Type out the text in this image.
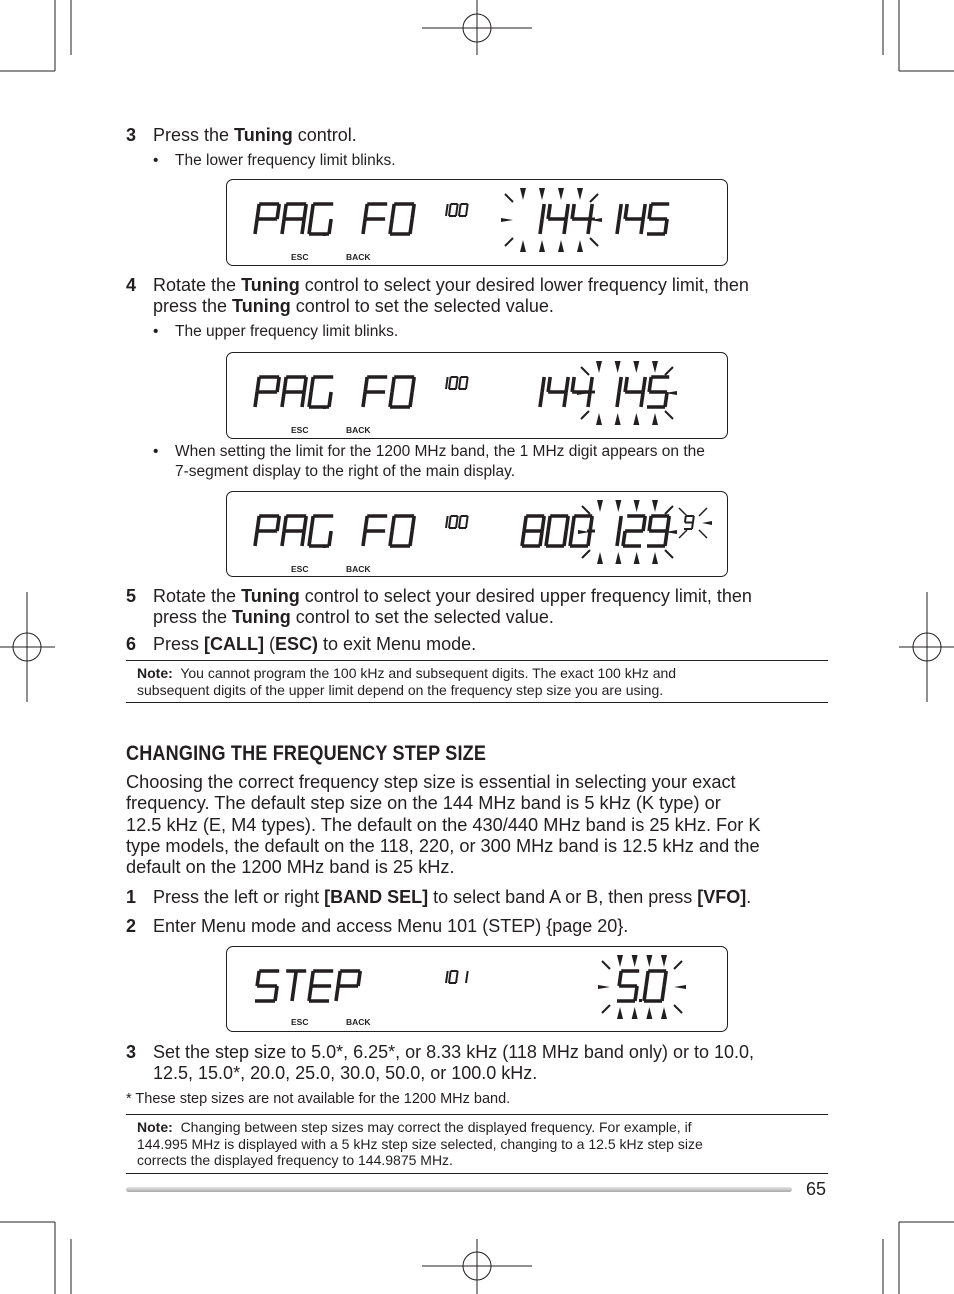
3 Press the Tuning control.
• The lower frequency limit blinks.
ESC	BACK
4 Rotate the Tuning control to select your desired lower frequency limit, then
press the Tuning control to set the selected value.
• The upper frequency limit blinks.
ESC	BACK
• When setting the limit for the 1200 MHz band, the 1 MHz digit appears on the
7-segment display to the right of the main display.
ESC	BACK
5 Rotate the Tuning control to select your desired upper frequency limit, then
press the Tuning control to set the selected value.
6 Press [CALL] (ESC) to exit Menu mode.
Note: You cannot program the 100 kHz and subsequent digits. The exact 100 kHz and
subsequent digits of the upper limit depend on the frequency step size you are using.
CHANGING THE FREQUENCY STEP SIZE
Choosing the correct frequency step size is essential in selecting your exact
frequency. The default step size on the 144 MHz band is 5 kHz (K type) or
12.5 kHz (E, M4 types). The default on the 430/440 MHz band is 25 kHz. For K
type models, the default on the 118, 220, or 300 MHz band is 12.5 kHz and the
default on the 1200 MHz band is 25 kHz.
1 Press the left or right [BAND SEL] to select band A or B, then press [VFO].
2 Enter Menu mode and access Menu 101 (STEP) {page 20}.
ESC	BACK
3 Set the step size to 5.0*, 6.25*, or 8.33 kHz (118 MHz band only) or to 10.0,
12.5, 15.0*, 20.0, 25.0, 30.0, 50.0, or 100.0 kHz.
* These step sizes are not available for the 1200 MHz band.
Note: Changing between step sizes may correct the displayed frequency. For example, if
144.995 MHz is displayed with a 5 kHz step size selected, changing to a 12.5 kHz step size
corrects the displayed frequency to 144.9875 MHz.
65
